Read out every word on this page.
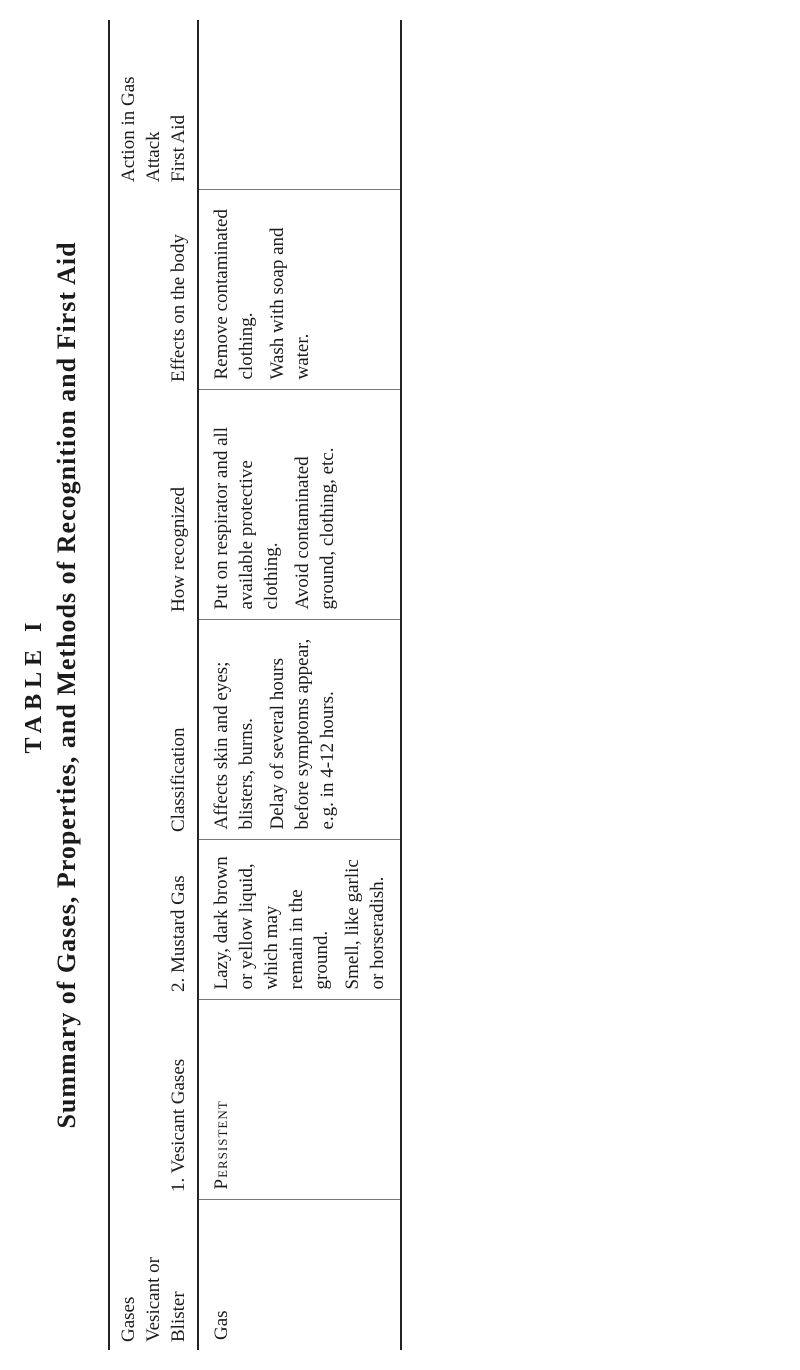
TABLE I Summary of Gases, Properties, and Methods of Recognition and First Aid
Gases Vesicant or Blister	1. Vesicant Gases	2. Mustard Gas	Classification	How recognized	Effects on the body	Action in Gas Attack First Aid

Gas	Persistent	Lazy, dark brown or yellow liquid, which may remain in the ground. Smell, like garlic or horseradish.	Affects skin and eyes; blisters, burns. Delay of several hours before symptoms appear, e.g. in 4-12 hours.	Put on respirator and all available protective clothing. Avoid contaminated ground, clothing, etc.	Remove contaminated clothing. Wash with soap and water.	
